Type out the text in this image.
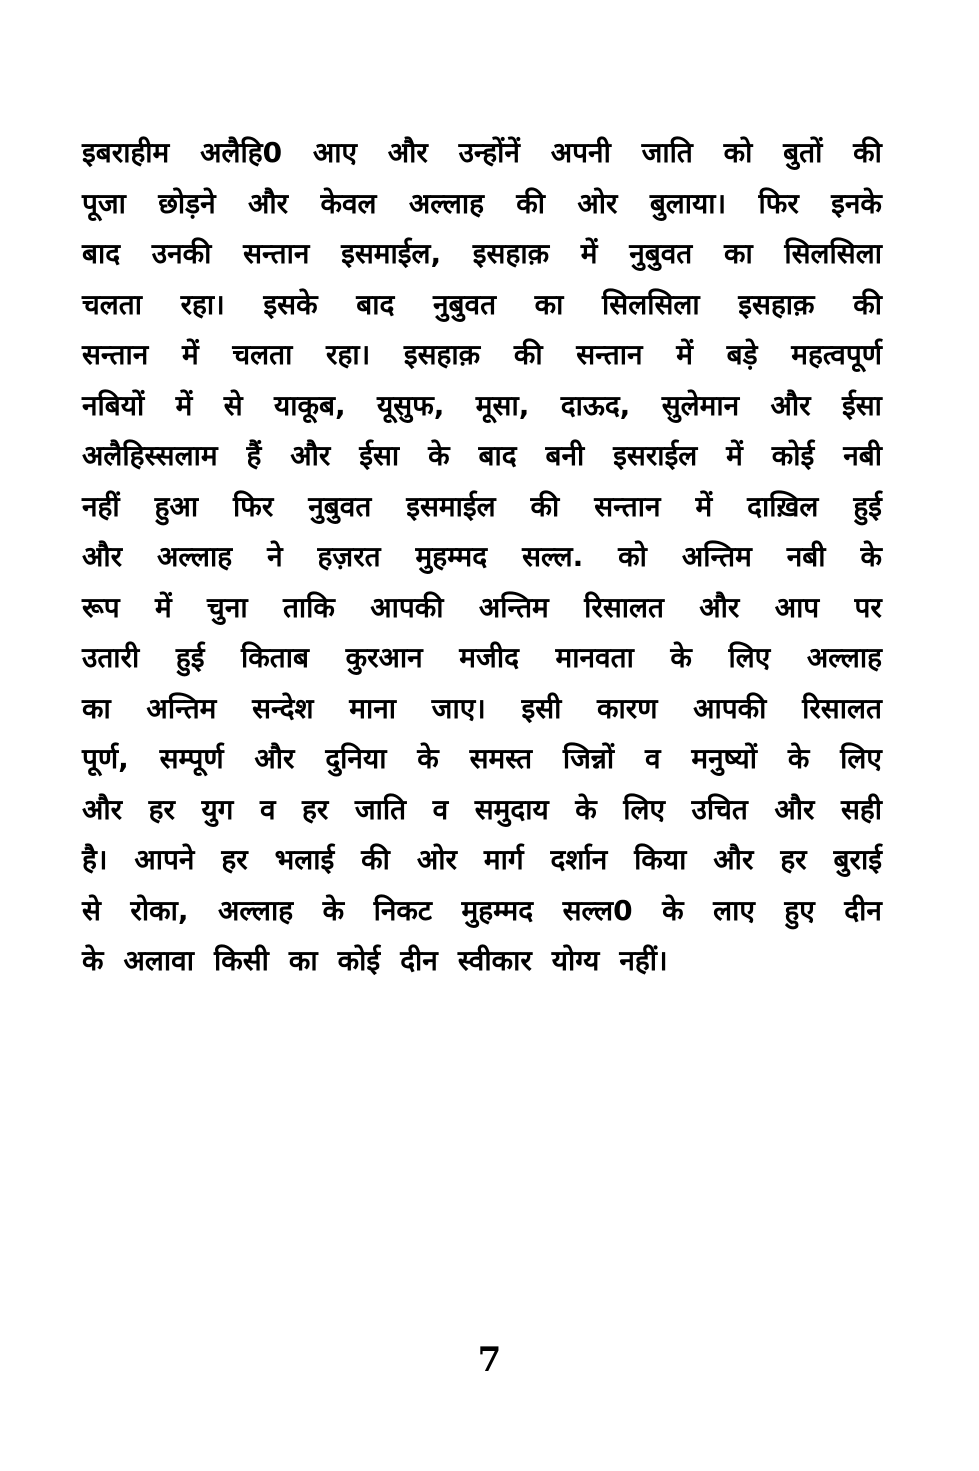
इबराहीम अलैहि0 आए और उन्होंनें अपनी जाति को बुतों की
पूजा छोड़ने और केवल अल्लाह की ओर बुलाया। फिर इनके
बाद उनकी सन्तान इसमाईल, इसहाक़ में नुबुवत का सिलसिला
चलता रहा। इसके बाद नुबुवत का सिलसिला इसहाक़ की
सन्तान में चलता रहा। इसहाक़ की सन्तान में बड़े महत्वपूर्ण
नबियों में से याकूब, यूसुफ, मूसा, दाऊद, सुलेमान और ईसा
अलैहिस्सलाम हैं और ईसा के बाद बनी इसराईल में कोई नबी
नहीं हुआ फिर नुबुवत इसमाईल की सन्तान में दाख़िल हुई
और अल्लाह ने हज़रत मुहम्मद सल्ल. को अन्तिम नबी के
रूप में चुना ताकि आपकी अन्तिम रिसालत और आप पर
उतारी हुई किताब कुरआन मजीद मानवता के लिए अल्लाह
का अन्तिम सन्देश माना जाए। इसी कारण आपकी रिसालत
पूर्ण, सम्पूर्ण और दुनिया के समस्त जिन्नों व मनुष्यों के लिए
और हर युग व हर जाति व समुदाय के लिए उचित और सही
है। आपने हर भलाई की ओर मार्ग दर्शान किया और हर बुराई
से रोका, अल्लाह के निकट मुहम्मद सल्ल0 के लाए हुए दीन
के अलावा किसी का कोई दीन स्वीकार योग्य नहीं।
7
